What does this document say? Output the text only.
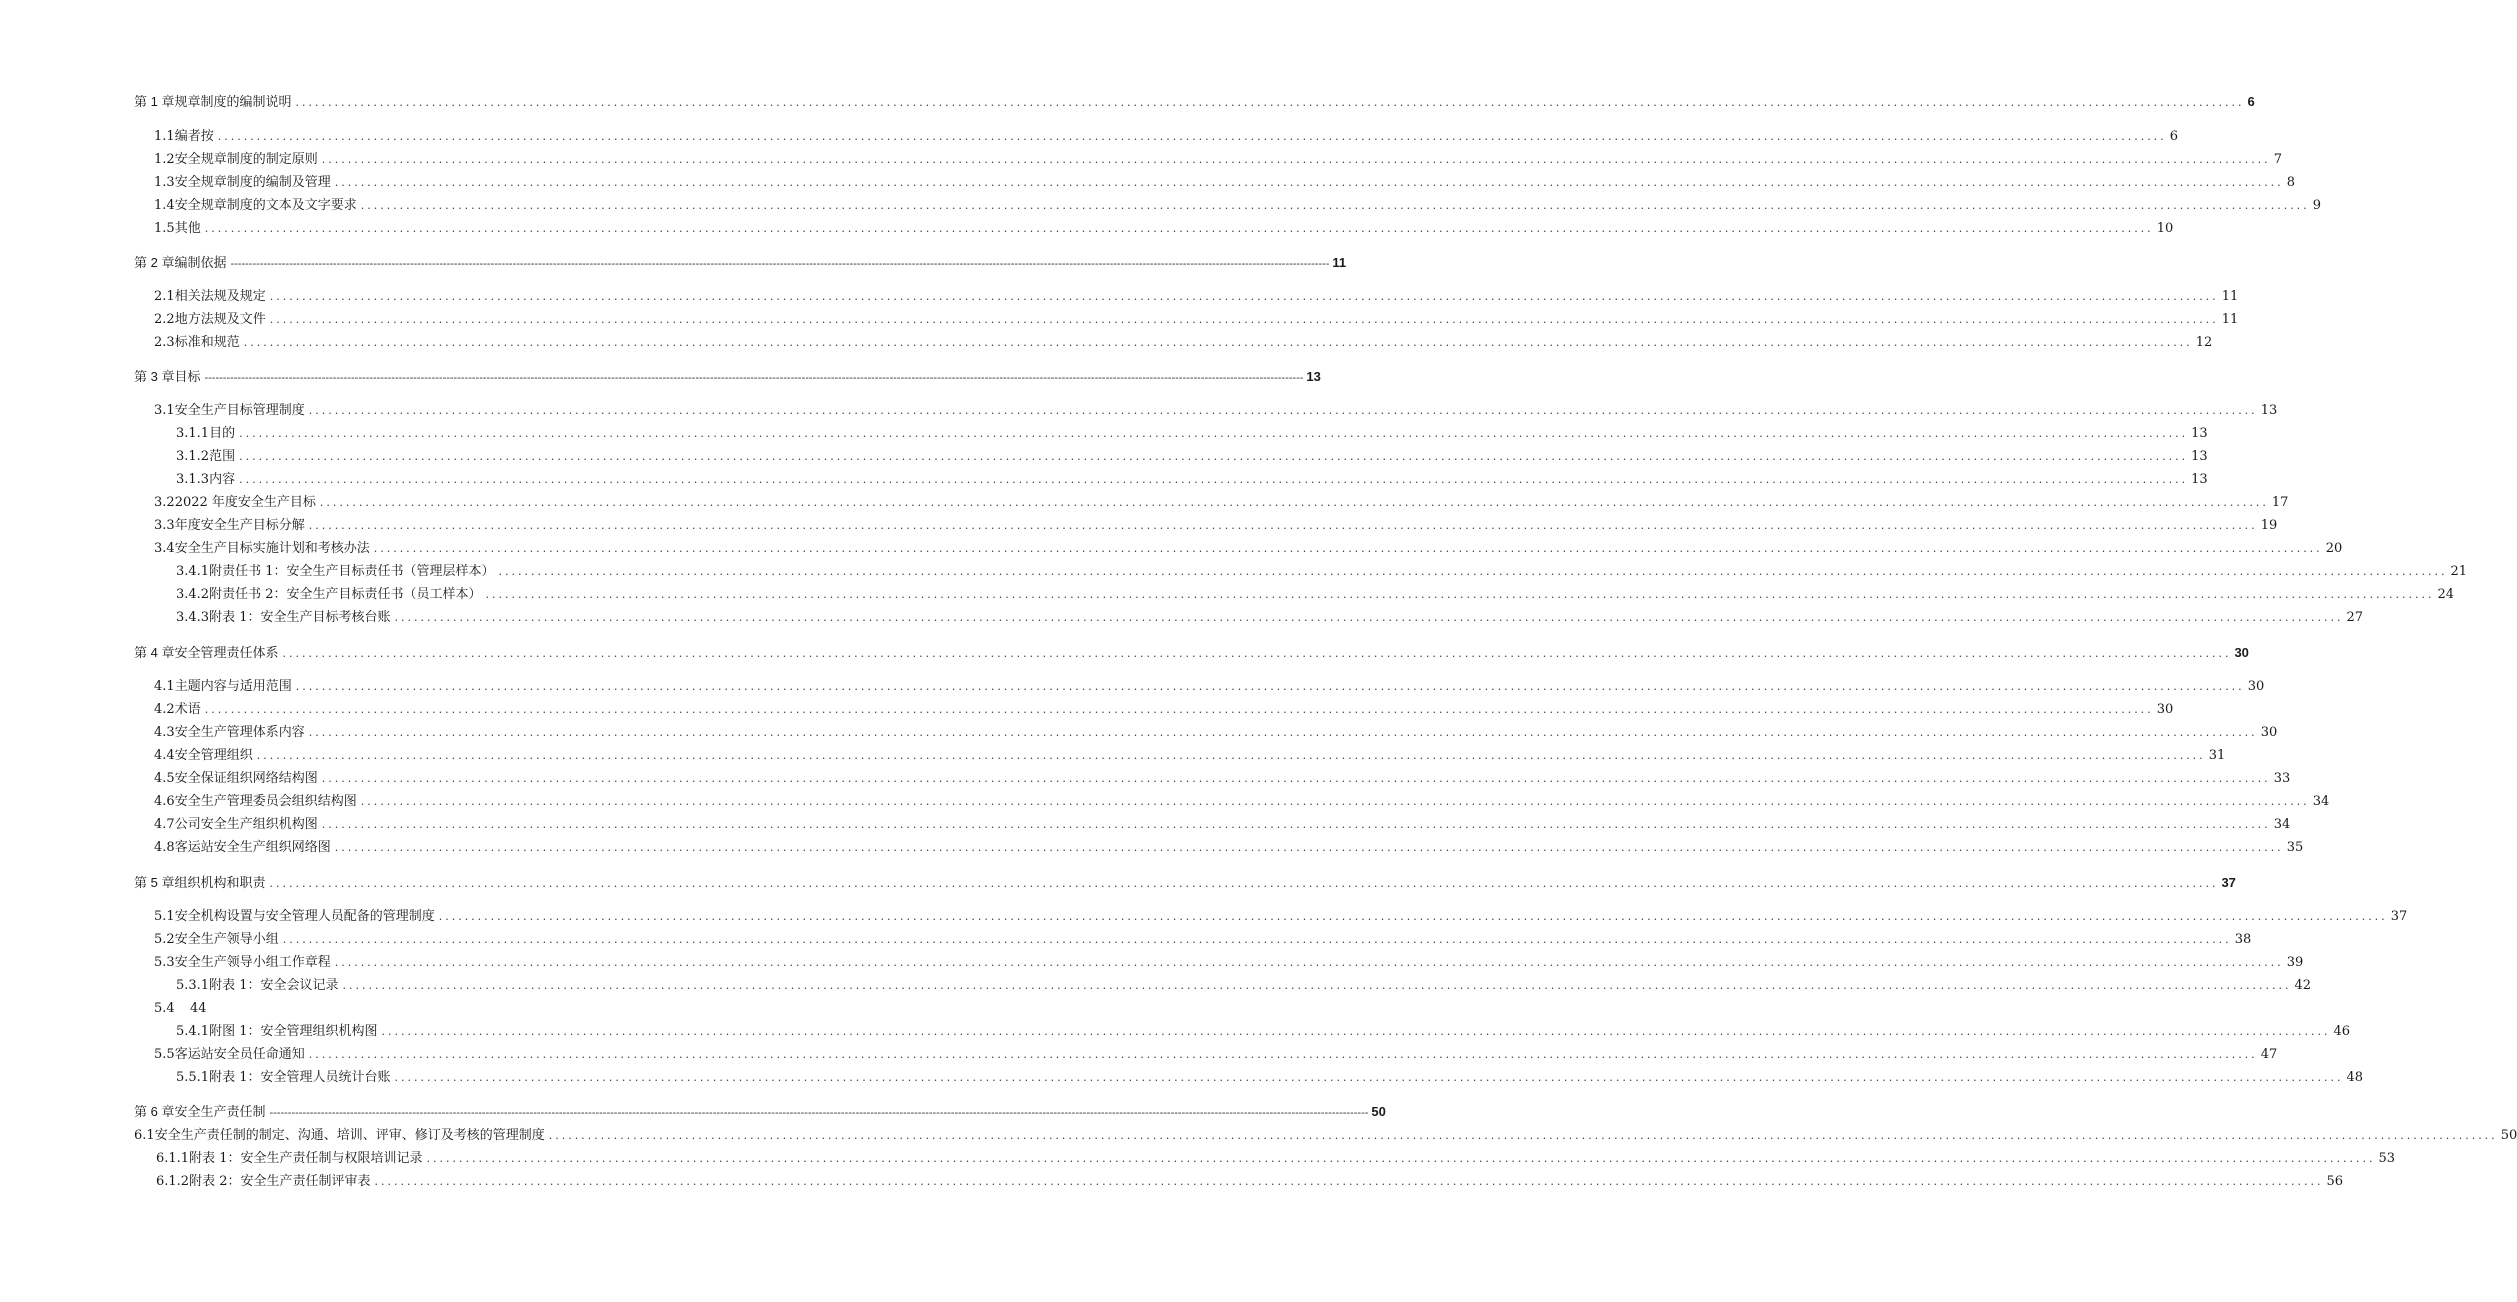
第 1 章规章制度的编制说明 ............................................................................................................................................................................................................................................................................................................ 6
1.1 编者按 ............................................................................................................................................................................................................................................................................................................ 6
1.2 安全规章制度的制定原则 ............................................................................................................................................................................................................................................................................................................ 7
1.3 安全规章制度的编制及管理 ............................................................................................................................................................................................................................................................................................................ 8
1.4 安全规章制度的文本及文字要求 ............................................................................................................................................................................................................................................................................................................ 9
1.5 其他 ............................................................................................................................................................................................................................................................................................................ 10
第 2 章编制依据 ------------------------------------------------------------------------------------------------------------------------------------------------------------------------------------------------------------------------------------------------------------------------------------------------------------ 11
2.1 相关法规及规定 ............................................................................................................................................................................................................................................................................................................ 11
2.2 地方法规及文件 ............................................................................................................................................................................................................................................................................................................ 11
2.3 标准和规范 ............................................................................................................................................................................................................................................................................................................ 12
第 3 章目标 ------------------------------------------------------------------------------------------------------------------------------------------------------------------------------------------------------------------------------------------------------------------------------------------------------------ 13
3.1 安全生产目标管理制度 ............................................................................................................................................................................................................................................................................................................ 13
3.1.1 目的 ............................................................................................................................................................................................................................................................................................................ 13
3.1.2 范围 ............................................................................................................................................................................................................................................................................................................ 13
3.1.3 内容 ............................................................................................................................................................................................................................................................................................................ 13
3.2 2022 年度安全生产目标 ............................................................................................................................................................................................................................................................................................................ 17
3.3 年度安全生产目标分解 ............................................................................................................................................................................................................................................................................................................ 19
3.4 安全生产目标实施计划和考核办法 ............................................................................................................................................................................................................................................................................................................ 20
3.4.1 附责任书 1：安全生产目标责任书（管理层样本） ............................................................................................................................................................................................................................................................................................................ 21
3.4.2 附责任书 2：安全生产目标责任书（员工样本） ............................................................................................................................................................................................................................................................................................................ 24
3.4.3 附表 1：安全生产目标考核台账 ............................................................................................................................................................................................................................................................................................................ 27
第 4 章安全管理责任体系 ............................................................................................................................................................................................................................................................................................................ 30
4.1 主题内容与适用范围 ............................................................................................................................................................................................................................................................................................................ 30
4.2 术语 ............................................................................................................................................................................................................................................................................................................ 30
4.3 安全生产管理体系内容 ............................................................................................................................................................................................................................................................................................................ 30
4.4 安全管理组织 ............................................................................................................................................................................................................................................................................................................ 31
4.5 安全保证组织网络结构图 ............................................................................................................................................................................................................................................................................................................ 33
4.6 安全生产管理委员会组织结构图 ............................................................................................................................................................................................................................................................................................................ 34
4.7 公司安全生产组织机构图 ............................................................................................................................................................................................................................................................................................................ 34
4.8 客运站安全生产组织网络图 ............................................................................................................................................................................................................................................................................................................ 35
第 5 章组织机构和职责 ............................................................................................................................................................................................................................................................................................................ 37
5.1 安全机构设置与安全管理人员配备的管理制度 ............................................................................................................................................................................................................................................................................................................ 37
5.2 安全生产领导小组 ............................................................................................................................................................................................................................................................................................................ 38
5.3 安全生产领导小组工作章程 ............................................................................................................................................................................................................................................................................................................ 39
5.3.1 附表 1：安全会议记录 ............................................................................................................................................................................................................................................................................................................ 42
5.4	44
5.4.1 附图 1：安全管理组织机构图 ............................................................................................................................................................................................................................................................................................................ 46
5.5 客运站安全员任命通知 ............................................................................................................................................................................................................................................................................................................ 47
5.5.1 附表 1：安全管理人员统计台账 ............................................................................................................................................................................................................................................................................................................ 48
第 6 章安全生产责任制 ------------------------------------------------------------------------------------------------------------------------------------------------------------------------------------------------------------------------------------------------------------------------------------------------------------ 50
6.1 安全生产责任制的制定、沟通、培训、评审、修订及考核的管理制度 ............................................................................................................................................................................................................................................................................................................ 50
6.1.1 附表 1：安全生产责任制与权限培训记录 ............................................................................................................................................................................................................................................................................................................ 53
6.1.2 附表 2：安全生产责任制评审表 ............................................................................................................................................................................................................................................................................................................ 56
